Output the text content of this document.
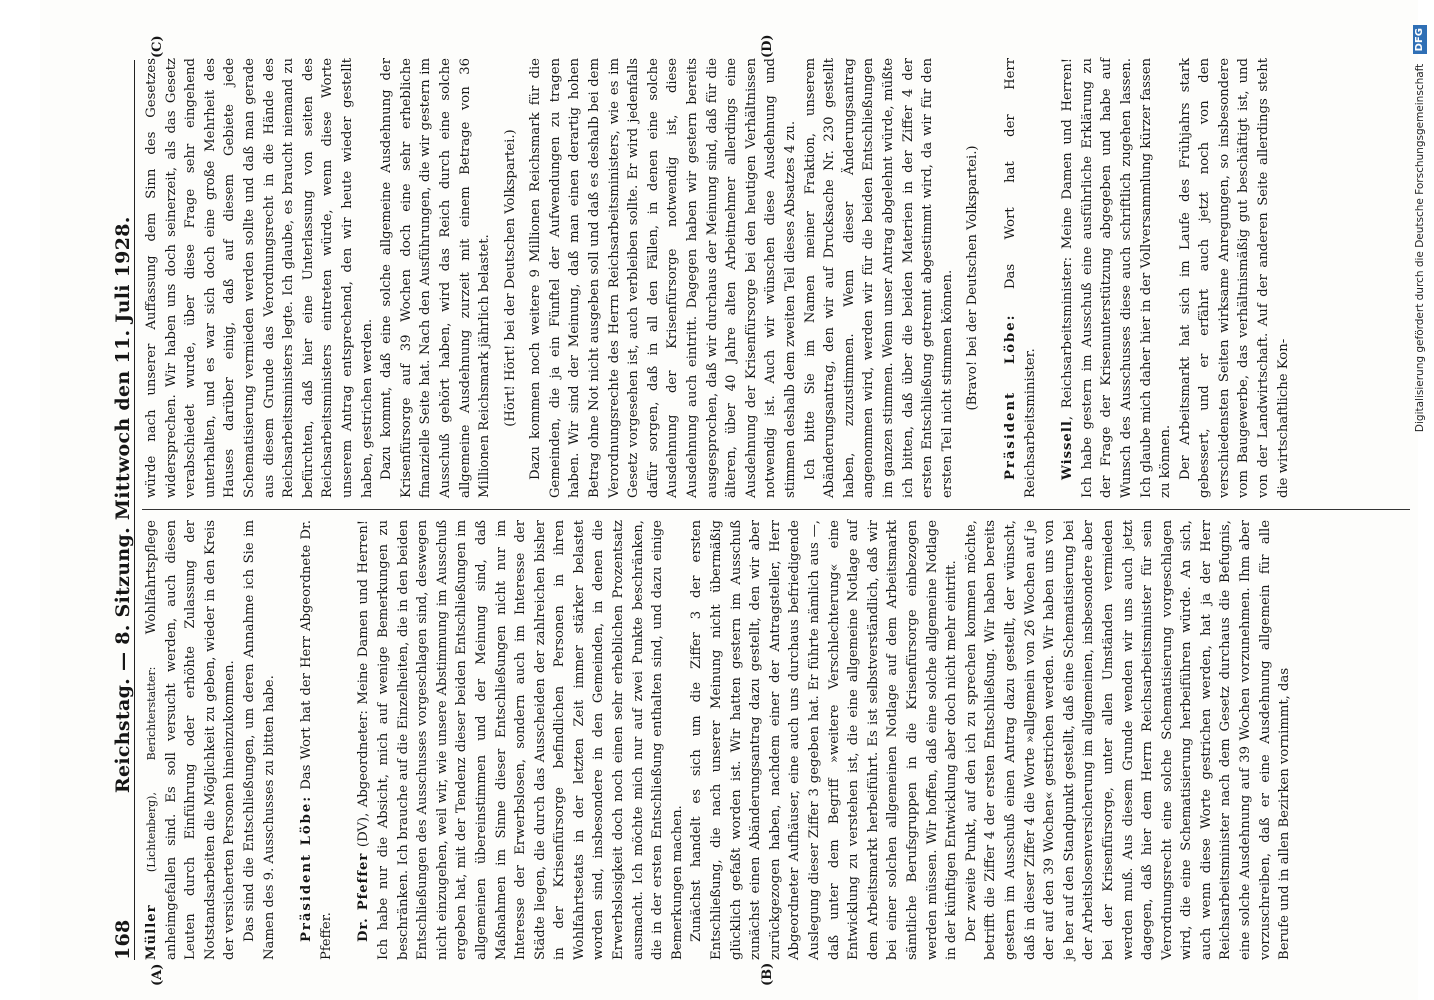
168
Reichstag. — 8. Sitzung. Mittwoch den 11. Juli 1928.
(A)	(B)
(C)	(D)

Müller (Lichtenberg), Berichterstatter: Wohlfahrtspflege anheimgefallen sind. Es soll versucht werden, auch diesen Leuten durch Einführung oder erhöhte Zulassung der Notstandsarbeiten die Möglichkeit zu geben, wieder in den Kreis der versicherten Personen hineinzukommen. Das sind die Entschließungen, um deren Annahme ich Sie im Namen des 9. Ausschusses zu bitten habe. Präsident Löbe: Das Wort hat der Herr Abgeordnete Dr. Pfeffer. Dr. Pfeffer (DV), Abgeordneter: Meine Damen und Herren! Ich habe nur die Absicht, mich auf wenige Bemerkungen zu beschränken. Ich brauche auf die Einzelheiten, die in den beiden Entschließungen des Ausschusses vorgeschlagen sind, deswegen nicht einzugehen, weil wir, wie unsere Abstimmung im Ausschuß ergeben hat, mit der Tendenz dieser beiden Entschließungen im allgemeinen übereinstimmen und der Meinung sind, daß Maßnahmen im Sinne dieser Entschließungen nicht nur im Interesse der Erwerbslosen, sondern auch im Interesse der Städte liegen, die durch das Ausscheiden der zahlreichen bisher in der Krisenfürsorge befindlichen Personen in ihren Wohlfahrtsetats in der letzten Zeit immer stärker belastet worden sind, insbesondere in den Gemeinden, in denen die Erwerbslosigkeit doch noch einen sehr erheblichen Prozentsatz ausmacht. Ich möchte mich nur auf zwei Punkte beschränken, die in der ersten Entschließung enthalten sind, und dazu einige Bemerkungen machen. Zunächst handelt es sich um die Ziffer 3 der ersten Entschließung, die nach unserer Meinung nicht übermäßig glücklich gefaßt worden ist. Wir hatten gestern im Ausschuß zunächst einen Abänderungsantrag dazu gestellt, den wir aber zurückgezogen haben, nachdem einer der Antragsteller, Herr Abgeordneter Aufhäuser, eine auch uns durchaus befriedigende Auslegung dieser Ziffer 3 gegeben hat. Er führte nämlich aus —, daß unter dem Begriff »weitere Verschlechterung« eine Entwicklung zu verstehen ist, die eine allgemeine Notlage auf dem Arbeitsmarkt herbeiführt. Es ist selbstverständlich, daß wir bei einer solchen allgemeinen Notlage auf dem Arbeitsmarkt sämtliche Berufsgruppen in die Krisenfürsorge einbezogen werden müssen. Wir hoffen, daß eine solche allgemeine Notlage in der künftigen Entwicklung aber doch nicht mehr eintritt. Der zweite Punkt, auf den ich zu sprechen kommen möchte, betrifft die Ziffer 4 der ersten Entschließung. Wir haben bereits gestern im Ausschuß einen Antrag dazu gestellt, der wünscht, daß in dieser Ziffer 4 die Worte »allgemein von 26 Wochen auf je der auf den 39 Wochen« gestrichen werden. Wir haben uns von je her auf den Standpunkt gestellt, daß eine Schematisierung bei der Arbeitslosenversicherung im allgemeinen, insbesondere aber bei der Krisenfürsorge, unter allen Umständen vermieden werden muß. Aus diesem Grunde wenden wir uns auch jetzt dagegen, daß hier dem Herrn Reichsarbeitsminister für sein Verordnungsrecht eine solche Schematisierung vorgeschlagen wird, die eine Schematisierung herbeiführen würde. An sich, auch wenn diese Worte gestrichen werden, hat ja der Herr Reichsarbeitsminister nach dem Gesetz durchaus die Befugnis, eine solche Ausdehnung auf 39 Wochen vorzunehmen. Ihm aber vorzuschreiben, daß er eine Ausdehnung allgemein für alle Berufe und in allen Bezirken vornimmt, das

würde nach unserer Auffassung dem Sinn des Gesetzes widersprechen. Wir haben uns doch seinerzeit, als das Gesetz verabschiedet wurde, über diese Frage sehr eingehend unterhalten, und es war sich doch eine große Mehrheit des Hauses darüber einig, daß auf diesem Gebiete jede Schematisierung vermieden werden sollte und daß man gerade aus diesem Grunde das Verordnungsrecht in die Hände des Reichsarbeitsministers legte. Ich glaube, es braucht niemand zu befürchten, daß hier eine Unterlassung von seiten des Reichsarbeitsministers eintreten würde, wenn diese Worte unserem Antrag entsprechend, den wir heute wieder gestellt haben, gestrichen werden. Dazu kommt, daß eine solche allgemeine Ausdehnung der Krisenfürsorge auf 39 Wochen doch eine sehr erhebliche finanzielle Seite hat. Nach den Ausführungen, die wir gestern im Ausschuß gehört haben, wird das Reich durch eine solche allgemeine Ausdehnung zurzeit mit einem Betrage von 36 Millionen Reichsmark jährlich belastet. (Hört! Hört! bei der Deutschen Volkspartei.) Dazu kommen noch weitere 9 Millionen Reichsmark für die Gemeinden, die ja ein Fünftel der Aufwendungen zu tragen haben. Wir sind der Meinung, daß man einen derartig hohen Betrag ohne Not nicht ausgeben soll und daß es deshalb bei dem Verordnungsrechte des Herrn Reichsarbeitsministers, wie es im Gesetz vorgesehen ist, auch verbleiben sollte. Er wird jedenfalls dafür sorgen, daß in all den Fällen, in denen eine solche Ausdehnung der Krisenfürsorge notwendig ist, diese Ausdehnung auch eintritt. Dagegen haben wir gestern bereits ausgesprochen, daß wir durchaus der Meinung sind, daß für die älteren, über 40 Jahre alten Arbeitnehmer allerdings eine Ausdehnung der Krisenfürsorge bei den heutigen Verhältnissen notwendig ist. Auch wir wünschen diese Ausdehnung und stimmen deshalb dem zweiten Teil dieses Absatzes 4 zu. Ich bitte Sie im Namen meiner Fraktion, unserem Abänderungsantrag, den wir auf Drucksache Nr. 230 gestellt haben, zuzustimmen. Wenn dieser Änderungsantrag angenommen wird, werden wir für die beiden Entschließungen im ganzen stimmen. Wenn unser Antrag abgelehnt würde, müßte ich bitten, daß über die beiden Materien in der Ziffer 4 der ersten Entschließung getrennt abgestimmt wird, da wir für den ersten Teil nicht stimmen können. (Bravo! bei der Deutschen Volkspartei.) Präsident Löbe: Das Wort hat der Herr Reichsarbeitsminister. Wissell, Reichsarbeitsminister: Meine Damen und Herren! Ich habe gestern im Ausschuß eine ausführliche Erklärung zu der Frage der Krisenunterstützung abgegeben und habe auf Wunsch des Ausschusses diese auch schriftlich zugehen lassen. Ich glaube mich daher hier in der Vollversammlung kürzer fassen zu können. Der Arbeitsmarkt hat sich im Laufe des Frühjahrs stark gebessert, und er erfährt auch jetzt noch von den verschiedensten Seiten wirksame Anregungen, so insbesondere vom Baugewerbe, das verhältnismäßig gut beschäftigt ist, und von der Landwirtschaft. Auf der anderen Seite allerdings steht die wirtschaftliche Kon-	Digitalisierung gefördert durch die Deutsche Forschungsgemeinschaft DFG
